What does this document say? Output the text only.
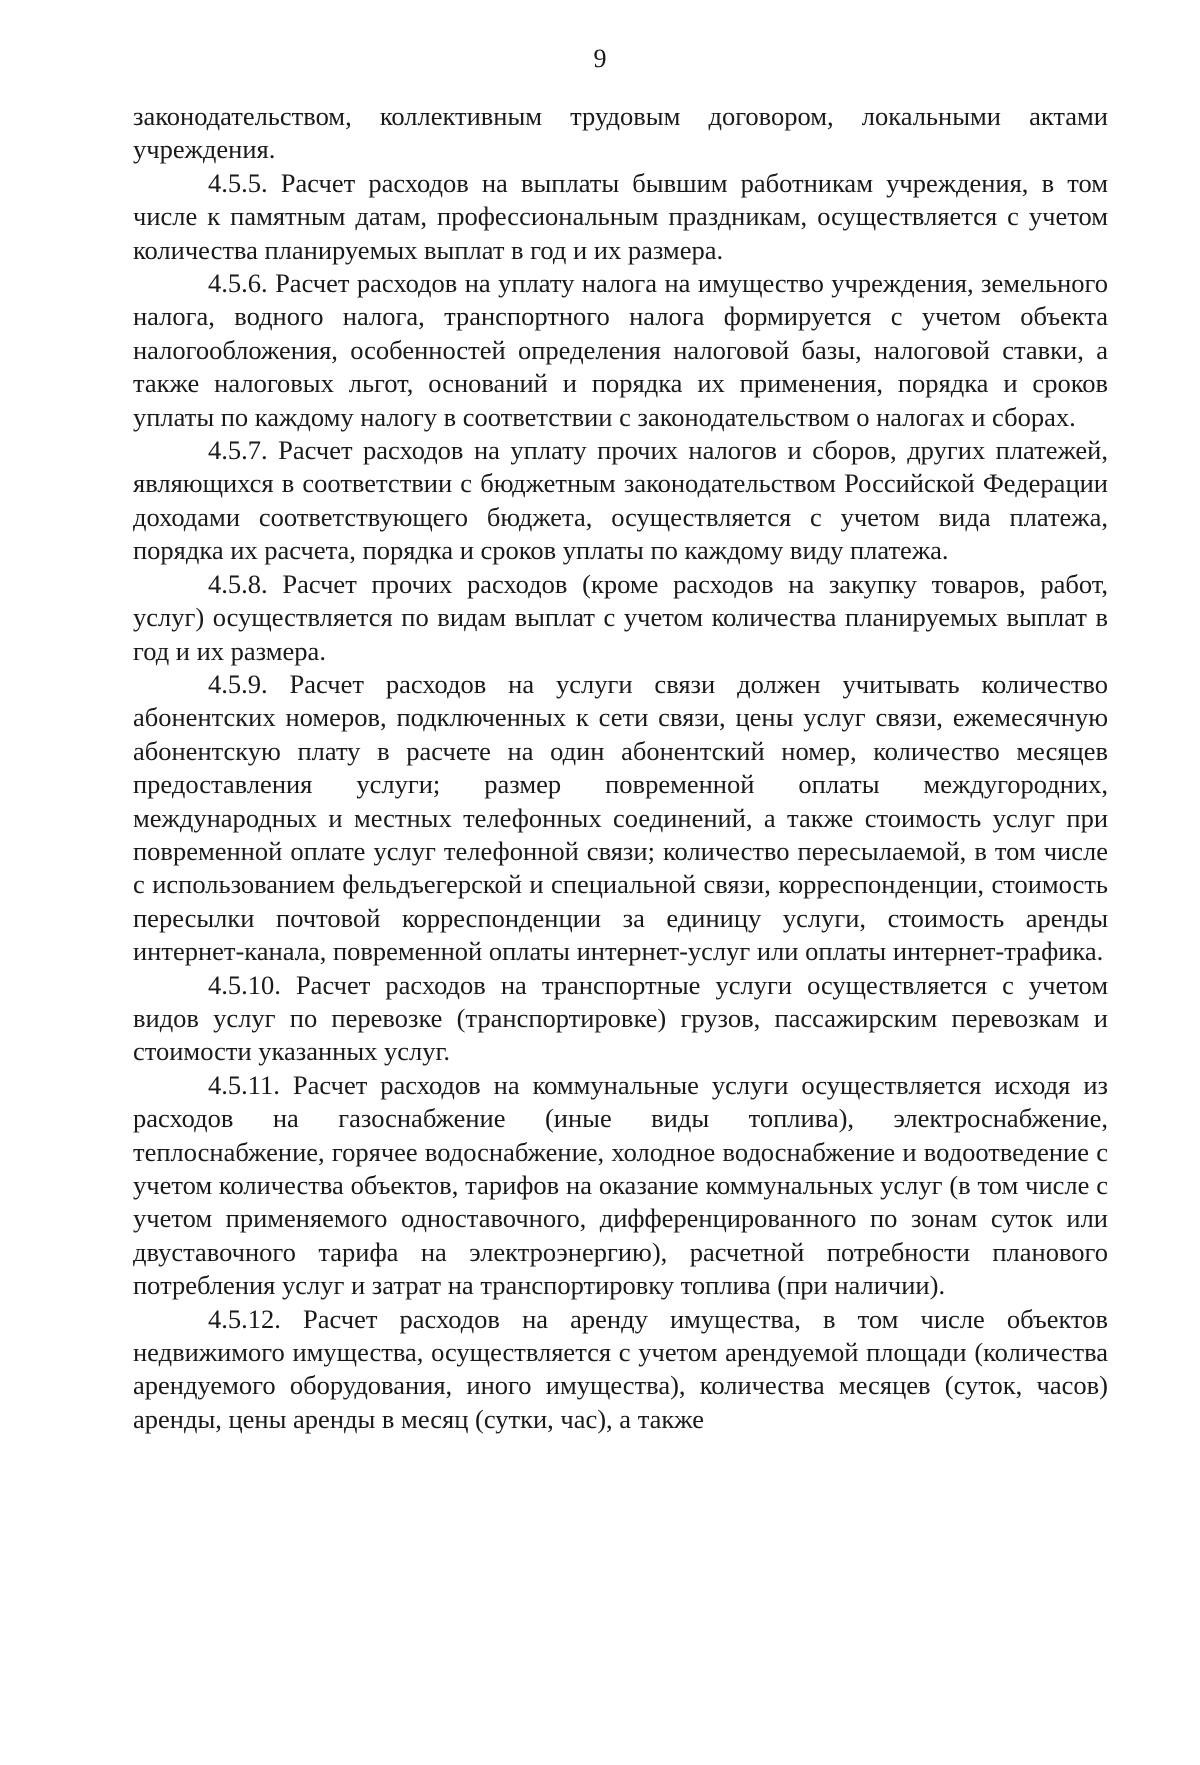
9

законодательством, коллективным трудовым договором, локальными актами учреждения.

4.5.5. Расчет расходов на выплаты бывшим работникам учреждения, в том числе к памятным датам, профессиональным праздникам, осуществляется с учетом количества планируемых выплат в год и их размера.

4.5.6. Расчет расходов на уплату налога на имущество учреждения, земельного налога, водного налога, транспортного налога формируется с учетом объекта налогообложения, особенностей определения налоговой базы, налоговой ставки, а также налоговых льгот, оснований и порядка их применения, порядка и сроков уплаты по каждому налогу в соответствии с законодательством о налогах и сборах.

4.5.7. Расчет расходов на уплату прочих налогов и сборов, других платежей, являющихся в соответствии с бюджетным законодательством Российской Федерации доходами соответствующего бюджета, осуществляется с учетом вида платежа, порядка их расчета, порядка и сроков уплаты по каждому виду платежа.

4.5.8. Расчет прочих расходов (кроме расходов на закупку товаров, работ, услуг) осуществляется по видам выплат с учетом количества планируемых выплат в год и их размера.

4.5.9. Расчет расходов на услуги связи должен учитывать количество абонентских номеров, подключенных к сети связи, цены услуг связи, ежемесячную абонентскую плату в расчете на один абонентский номер, количество месяцев предоставления услуги; размер повременной оплаты междугородних, международных и местных телефонных соединений, а также стоимость услуг при повременной оплате услуг телефонной связи; количество пересылаемой, в том числе с использованием фельдъегерской и специальной связи, корреспонденции, стоимость пересылки почтовой корреспонденции за единицу услуги, стоимость аренды интернет-канала, повременной оплаты интернет-услуг или оплаты интернет-трафика.

4.5.10. Расчет расходов на транспортные услуги осуществляется с учетом видов услуг по перевозке (транспортировке) грузов, пассажирским перевозкам и стоимости указанных услуг.

4.5.11. Расчет расходов на коммунальные услуги осуществляется исходя из расходов на газоснабжение (иные виды топлива), электроснабжение, теплоснабжение, горячее водоснабжение, холодное водоснабжение и водоотведение с учетом количества объектов, тарифов на оказание коммунальных услуг (в том числе с учетом применяемого одноставочного, дифференцированного по зонам суток или двуставочного тарифа на электроэнергию), расчетной потребности планового потребления услуг и затрат на транспортировку топлива (при наличии).

4.5.12. Расчет расходов на аренду имущества, в том числе объектов недвижимого имущества, осуществляется с учетом арендуемой площади (количества арендуемого оборудования, иного имущества), количества месяцев (суток, часов) аренды, цены аренды в месяц (сутки, час), а также
